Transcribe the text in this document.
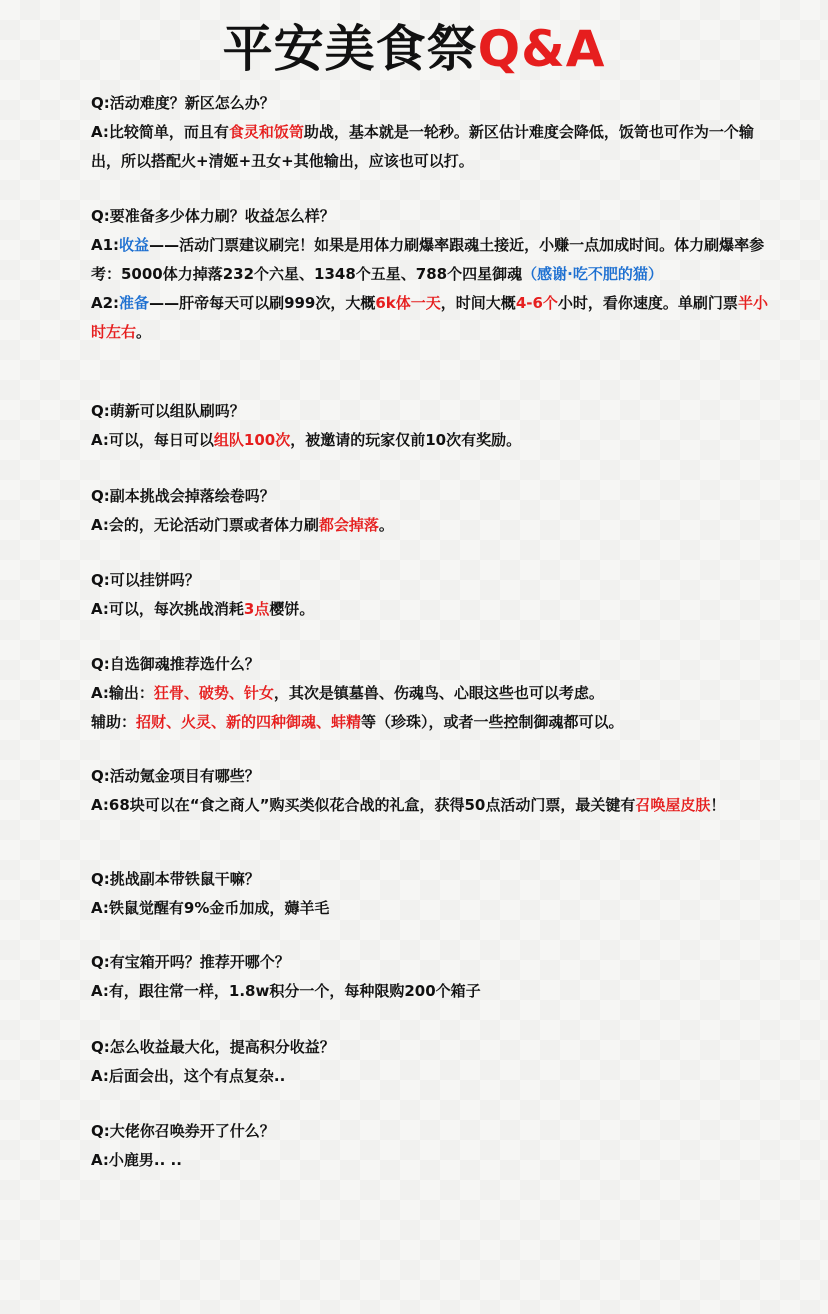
平安美食祭Q&A
Q:活动难度？新区怎么办？
A:比较简单，而且有食灵和饭笥助战，基本就是一轮秒。新区估计难度会降低，饭笥也可作为一个输出，所以搭配火+清姬+丑女+其他输出，应该也可以打。
Q:要准备多少体力刷？收益怎么样？
A1:收益——活动门票建议刷完！如果是用体力刷爆率跟魂土接近，小赚一点加成时间。体力刷爆率参考：5000体力掉落232个六星、1348个五星、788个四星御魂（感谢·吃不肥的猫）
A2:准备——肝帝每天可以刷999次，大概6k体一天，时间大概4-6个小时，看你速度。单刷门票半小时左右。
Q:萌新可以组队刷吗？
A:可以，每日可以组队100次，被邀请的玩家仅前10次有奖励。
Q:副本挑战会掉落绘卷吗？
A:会的，无论活动门票或者体力刷都会掉落。
Q:可以挂饼吗？
A:可以，每次挑战消耗3点樱饼。
Q:自选御魂推荐选什么？
A:输出：狂骨、破势、针女，其次是镇墓兽、伤魂鸟、心眼这些也可以考虑。
辅助：招财、火灵、新的四种御魂、蚌精等（珍珠），或者一些控制御魂都可以。
Q:活动氪金项目有哪些？
A:68块可以在“食之商人”购买类似花合战的礼盒，获得50点活动门票，最关键有召唤屋皮肤！
Q:挑战副本带铁鼠干嘛？
A:铁鼠觉醒有9%金币加成，薅羊毛
Q:有宝箱开吗？推荐开哪个？
A:有，跟往常一样，1.8w积分一个，每种限购200个箱子
Q:怎么收益最大化，提高积分收益？
A:后面会出，这个有点复杂..
Q:大佬你召唤券开了什么？
A:小鹿男.. ..
